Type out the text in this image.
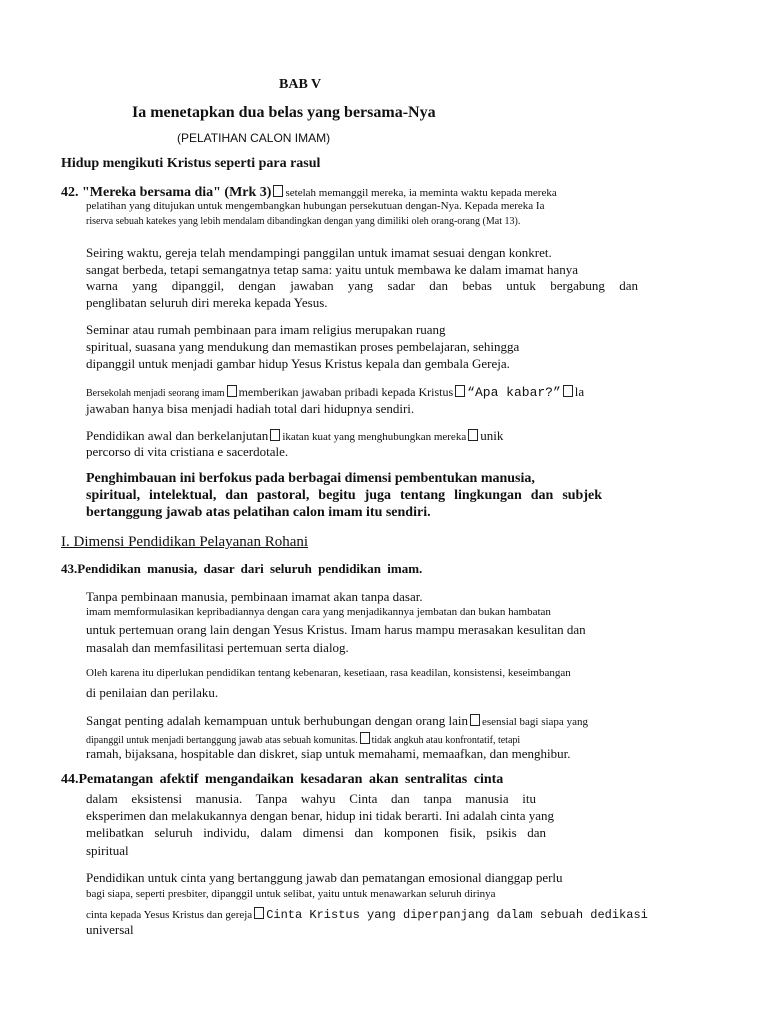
BAB V
Ia menetapkan dua belas yang bersama-Nya
(PELATIHAN CALON IMAM)
Hidup mengikuti Kristus seperti para rasul
42. "Mereka bersama dia" (Mrk 3) setelah memanggil mereka, ia meminta waktu kepada mereka
pelatihan yang ditujukan untuk mengembangkan hubungan persekutuan dengan-Nya. Kepada mereka Ia
riserva sebuah katekes yang lebih mendalam dibandingkan dengan yang dimiliki oleh orang-orang (Mat 13).
Seiring waktu, gereja telah mendampingi panggilan untuk imamat sesuai dengan konkret.
sangat berbeda, tetapi semangatnya tetap sama: yaitu untuk membawa ke dalam imamat hanya
warna yang dipanggil, dengan jawaban yang sadar dan bebas untuk bergabung dan
penglibatan seluruh diri mereka kepada Yesus.
Seminar atau rumah pembinaan para imam religius merupakan ruang
spiritual, suasana yang mendukung dan memastikan proses pembelajaran, sehingga
dipanggil untuk menjadi gambar hidup Yesus Kristus kepala dan gembala Gereja.
Bersekolah menjadi seorang imam memberikan jawaban pribadi kepada Kristus “Apa kabar?” la
jawaban hanya bisa menjadi hadiah total dari hidupnya sendiri.
Pendidikan awal dan berkelanjutan ikatan kuat yang menghubungkan mereka unik
percorso di vita cristiana e sacerdotale.
Penghimbauan ini berfokus pada berbagai dimensi pembentukan manusia,
spiritual, intelektual, dan pastoral, begitu juga tentang lingkungan dan subjek
bertanggung jawab atas pelatihan calon imam itu sendiri.
I. Dimensi Pendidikan Pelayanan Rohani
43.Pendidikan manusia, dasar dari seluruh pendidikan imam.
Tanpa pembinaan manusia, pembinaan imamat akan tanpa dasar.
imam memformulasikan kepribadiannya dengan cara yang menjadikannya jembatan dan bukan hambatan
untuk pertemuan orang lain dengan Yesus Kristus. Imam harus mampu merasakan kesulitan dan
masalah dan memfasilitasi pertemuan serta dialog.
Oleh karena itu diperlukan pendidikan tentang kebenaran, kesetiaan, rasa keadilan, konsistensi, keseimbangan
di penilaian dan perilaku.
Sangat penting adalah kemampuan untuk berhubungan dengan orang lain esensial bagi siapa yang
dipanggil untuk menjadi bertanggung jawab atas sebuah komunitas. tidak angkuh atau konfrontatif, tetapi
ramah, bijaksana, hospitable dan diskret, siap untuk memahami, memaafkan, dan menghibur.
44.Pematangan afektif mengandaikan kesadaran akan sentralitas cinta
dalam eksistensi manusia. Tanpa wahyu Cinta dan tanpa manusia itu
eksperimen dan melakukannya dengan benar, hidup ini tidak berarti. Ini adalah cinta yang
melibatkan seluruh individu, dalam dimensi dan komponen fisik, psikis dan
spiritual
Pendidikan untuk cinta yang bertanggung jawab dan pematangan emosional dianggap perlu
bagi siapa, seperti presbiter, dipanggil untuk selibat, yaitu untuk menawarkan seluruh dirinya
cinta kepada Yesus Kristus dan gereja Cinta Kristus yang diperpanjang dalam sebuah dedikasi
universal
